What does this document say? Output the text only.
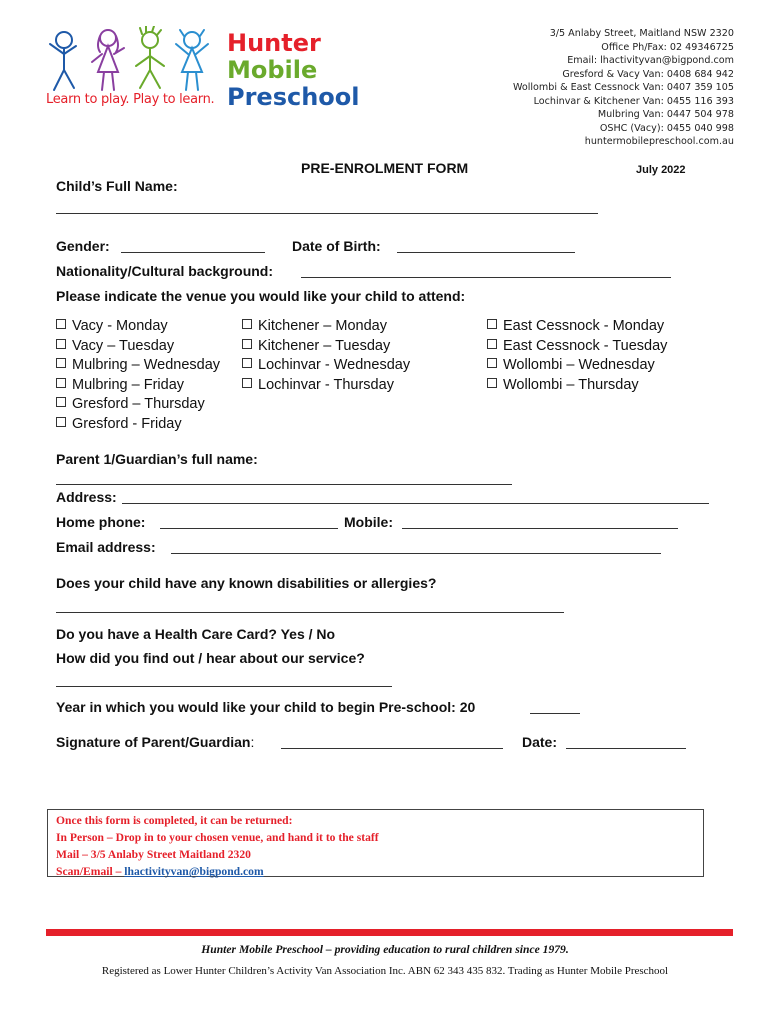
Learn to play. Play to learn.
Hunter
Mobile
Preschool
3/5 Anlaby Street, Maitland NSW 2320
Office Ph/Fax: 02 49346725
Email: lhactivityvan@bigpond.com
Gresford & Vacy Van: 0408 684 942
Wollombi & East Cessnock Van: 0407 359 105
Lochinvar & Kitchener Van: 0455 116 393
Mulbring Van: 0447 504 978
OSHC (Vacy): 0455 040 998
huntermobilepreschool.com.au
PRE-ENROLMENT FORM	July 2022
Child’s Full Name:
Gender:	Date of Birth:
Nationality/Cultural background:
Please indicate the venue you would like your child to attend:
Vacy - Monday
Vacy – Tuesday
Mulbring – Wednesday
Mulbring – Friday
Gresford – Thursday
Gresford - Friday
Kitchener – Monday
Kitchener – Tuesday
Lochinvar - Wednesday
Lochinvar - Thursday
East Cessnock - Monday
East Cessnock - Tuesday
Wollombi – Wednesday
Wollombi – Thursday
Parent 1/Guardian’s full name:
Address:
Home phone:	Mobile:
Email address:
Does your child have any known disabilities or allergies?
Do you have a Health Care Card? Yes / No
How did you find out / hear about our service?
Year in which you would like your child to begin Pre-school: 20
Signature of Parent/Guardian:	Date:
Once this form is completed, it can be returned:
In Person – Drop in to your chosen venue, and hand it to the staff
Mail – 3/5 Anlaby Street Maitland 2320
Scan/Email – lhactivityvan@bigpond.com
Hunter Mobile Preschool – providing education to rural children since 1979.
Registered as Lower Hunter Children’s Activity Van Association Inc. ABN 62 343 435 832. Trading as Hunter Mobile Preschool
